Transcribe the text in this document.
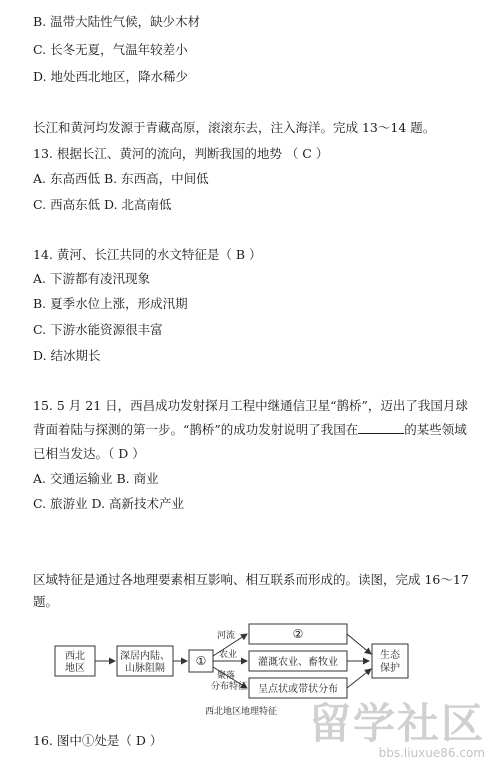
B. 温带大陆性气候，缺少木材
C. 长冬无夏，气温年较差小
D. 地处西北地区，降水稀少
长江和黄河均发源于青藏高原，滚滚东去，注入海洋。完成 13～14 题。
13. 根据长江、黄河的流向，判断我国的地势 （ C ）
A. 东高西低 B. 东西高，中间低
C. 西高东低 D. 北高南低
14. 黄河、长江共同的水文特征是（ B ）
A. 下游都有凌汛现象
B. 夏季水位上涨，形成汛期
C. 下游水能资源很丰富
D. 结冰期长
15. 5 月 21 日，西昌成功发射探月工程中继通信卫星“鹊桥”，迈出了我国月球
背面着陆与探测的第一步。“鹊桥”的成功发射说明了我国在	的某些领域
已相当发达。（ D ）
A. 交通运输业 B. 商业
C. 旅游业 D. 高新技术产业
区域特征是通过各地理要素相互影响、相互联系而形成的。读图，完成 16～17
题。
西北
地区
深居内陆、
山脉阻隔
①
河流
农业
聚落
分布特征
②
灌溉农业、畜牧业
呈点状或带状分布
生态
保护
西北地区地理特征
16. 图中①处是（ D ）	留学社区
bbs.liuxue86.com
